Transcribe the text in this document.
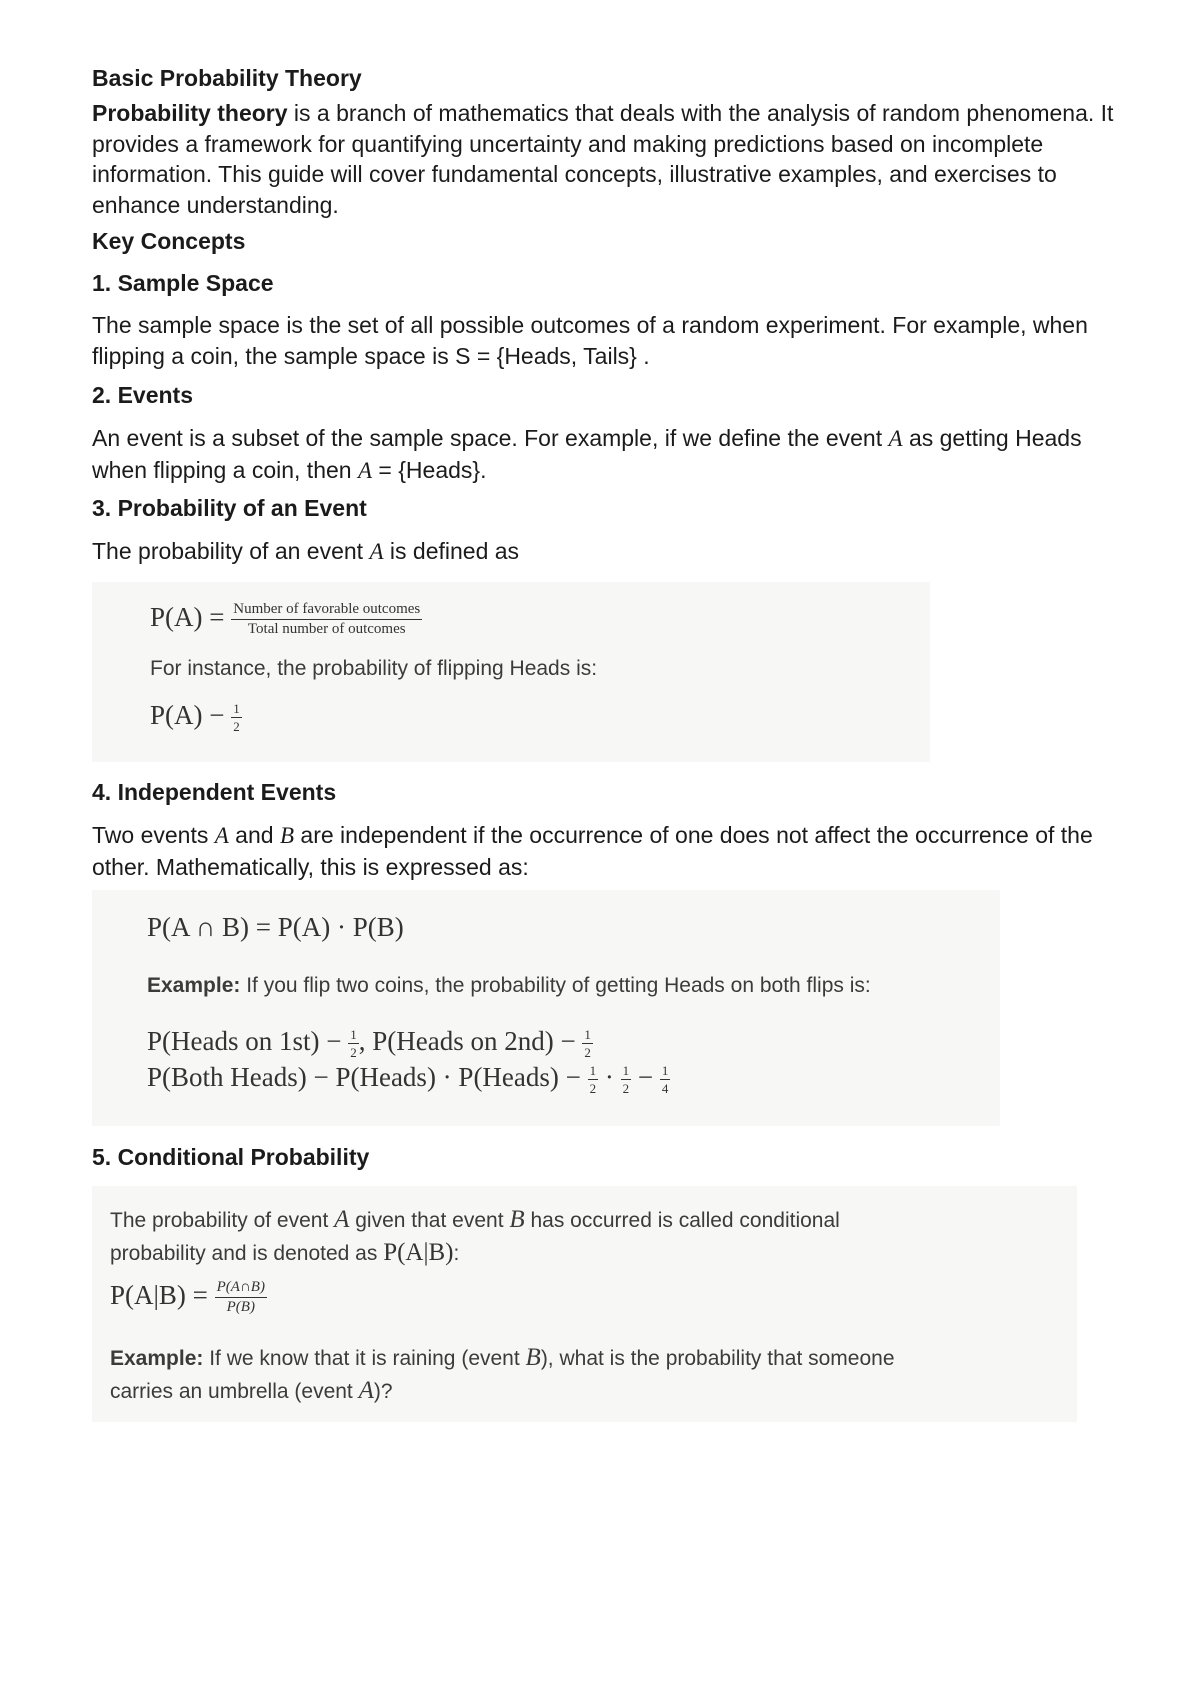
Basic Probability Theory

Probability theory is a branch of mathematics that deals with the analysis of random phenomena. It provides a framework for quantifying uncertainty and making predictions based on incomplete information. This guide will cover fundamental concepts, illustrative examples, and exercises to enhance understanding.

Key Concepts
1. Sample Space

The sample space is the set of all possible outcomes of a random experiment. For example, when flipping a coin, the sample space is S = {Heads, Tails} .

2. Events

An event is a subset of the sample space. For example, if we define the event A as getting Heads when flipping a coin, then A = {Heads}.

3. Probability of an Event

The probability of an event A is defined as

$P(A) = \frac{\text{Number of favorable outcomes}}{\text{Total number of outcomes}}$
For instance, the probability of flipping Heads is:
$P(A) - \frac{1}{2}$
4. Independent Events

Two events A and B are independent if the occurrence of one does not affect the occurrence of the other. Mathematically, this is expressed as:

P(A ∩ B) = P(A) · P(B)
Example: If you flip two coins, the probability of getting Heads on both flips is:
P(Heads on $1st) - \frac{1}{2}$ , P(Heads on $2nd) - \frac{1}{2}$
P(Both Heads) − P(Heads) · P(Heads) − $\frac{1}{2} \cdot \frac{1}{2} - \frac{1}{4}$
5. Conditional Probability
The probability of event A given that event B has occurred is called conditional
probability and is denoted as P(A|B):
$P(A|B) = \frac{P(A\cap B)}{P(B)}$
Example: If we know that it is raining (event B), what is the probability that someone
carries an umbrella (event A)?
